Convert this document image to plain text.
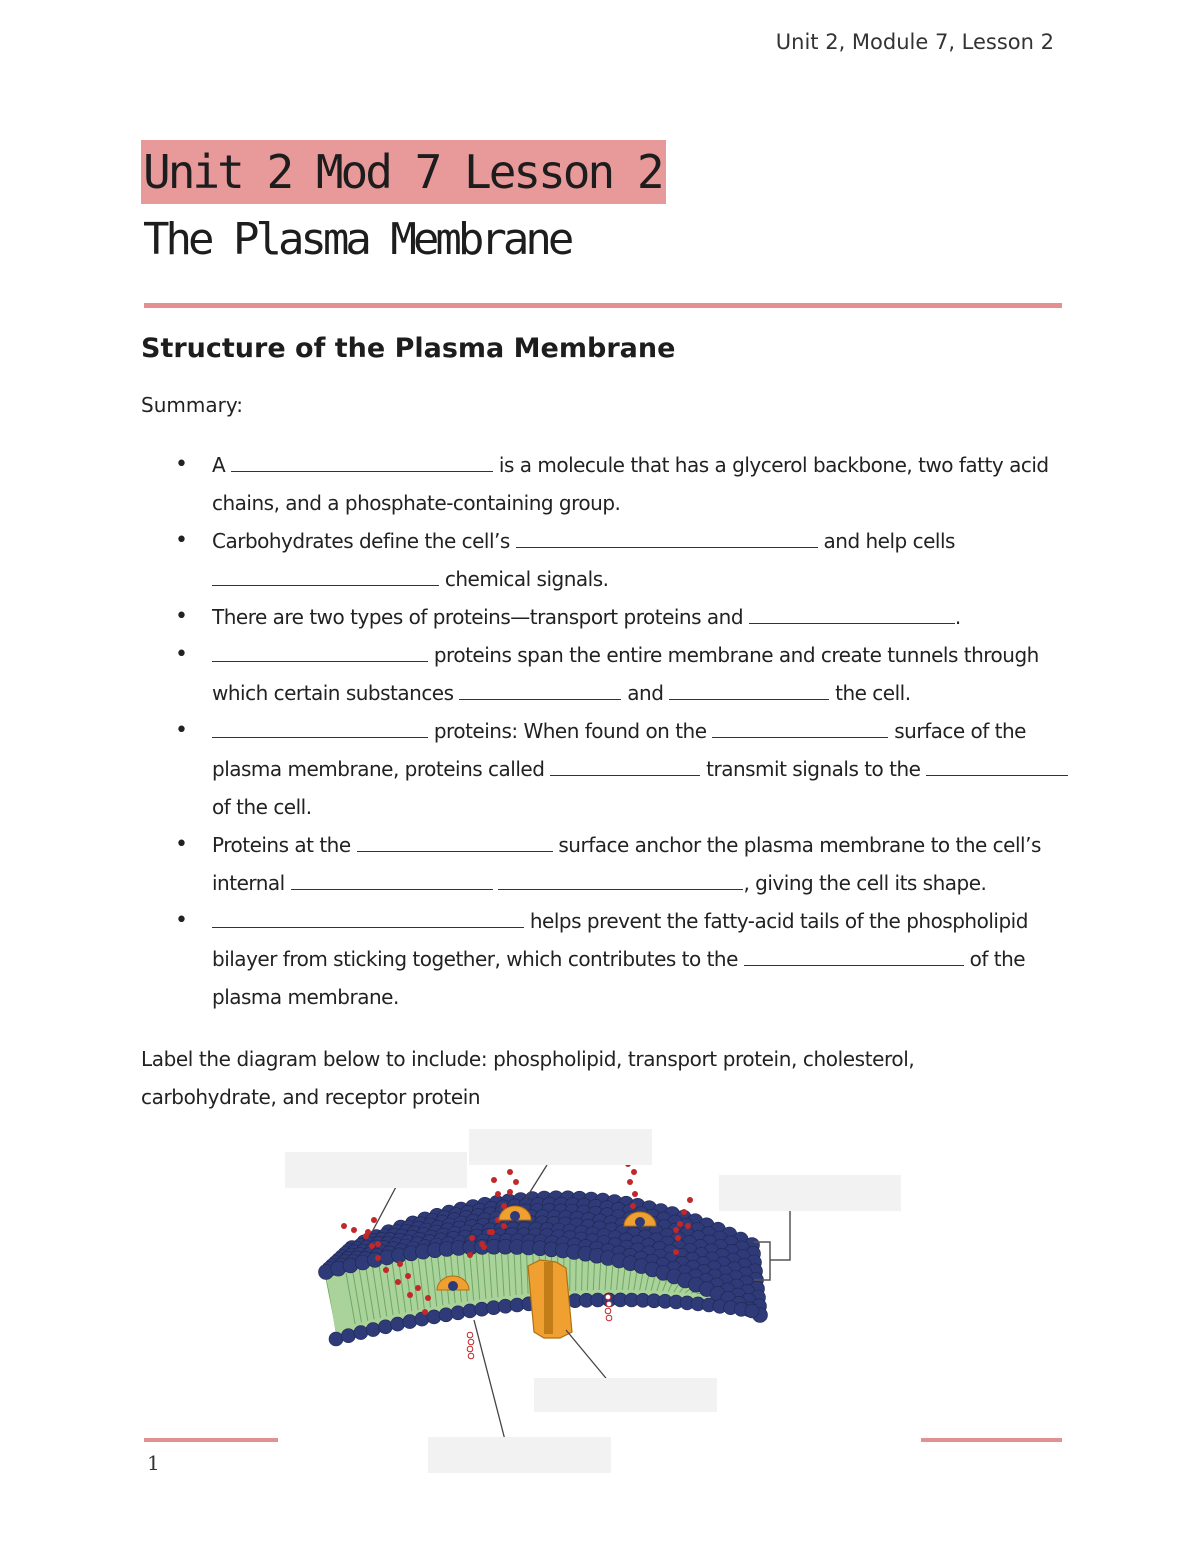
Unit 2, Module 7, Lesson 2
Unit 2 Mod 7 Lesson 2
The Plasma Membrane
Structure of the Plasma Membrane
Summary:
• A	is a molecule that has a glycerol backbone, two fatty acid chains, and a phosphate-containing group.
• Carbohydrates define the cell’s	and help cells  chemical signals.
• There are two types of proteins—transport proteins and	.
• proteins span the entire membrane and create tunnels through which certain substances	and	the cell.
• proteins: When found on the	surface of the plasma membrane, proteins called	transmit signals to the  of the cell.
• Proteins at the	surface anchor the plasma membrane to the cell’s internal	, giving the cell its shape.
• helps prevent the fatty-acid tails of the phospholipid bilayer from sticking together, which contributes to the	of the plasma membrane.
Label the diagram below to include: phospholipid, transport protein, cholesterol, carbohydrate, and receptor protein
1
